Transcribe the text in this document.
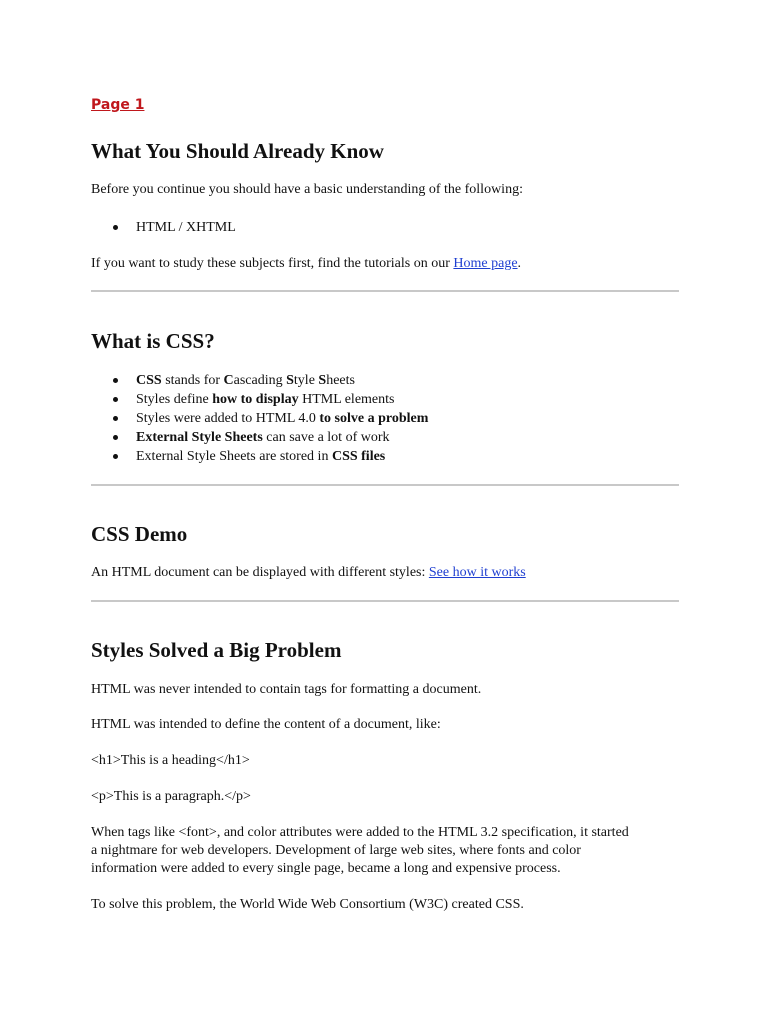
Page 1
What You Should Already Know

Before you continue you should have a basic understanding of the following:

HTML / XHTML

If you want to study these subjects first, find the tutorials on our Home page.

What is CSS?
CSS stands for Cascading Style Sheets
Styles define how to display HTML elements
Styles were added to HTML 4.0 to solve a problem
External Style Sheets can save a lot of work
External Style Sheets are stored in CSS files
CSS Demo

An HTML document can be displayed with different styles: See how it works

Styles Solved a Big Problem

HTML was never intended to contain tags for formatting a document.

HTML was intended to define the content of a document, like:

<h1>This is a heading</h1>

<p>This is a paragraph.</p>

When tags like <font>, and color attributes were added to the HTML 3.2 specification, it started

a nightmare for web developers. Development of large web sites, where fonts and color

information were added to every single page, became a long and expensive process.

To solve this problem, the World Wide Web Consortium (W3C) created CSS.
